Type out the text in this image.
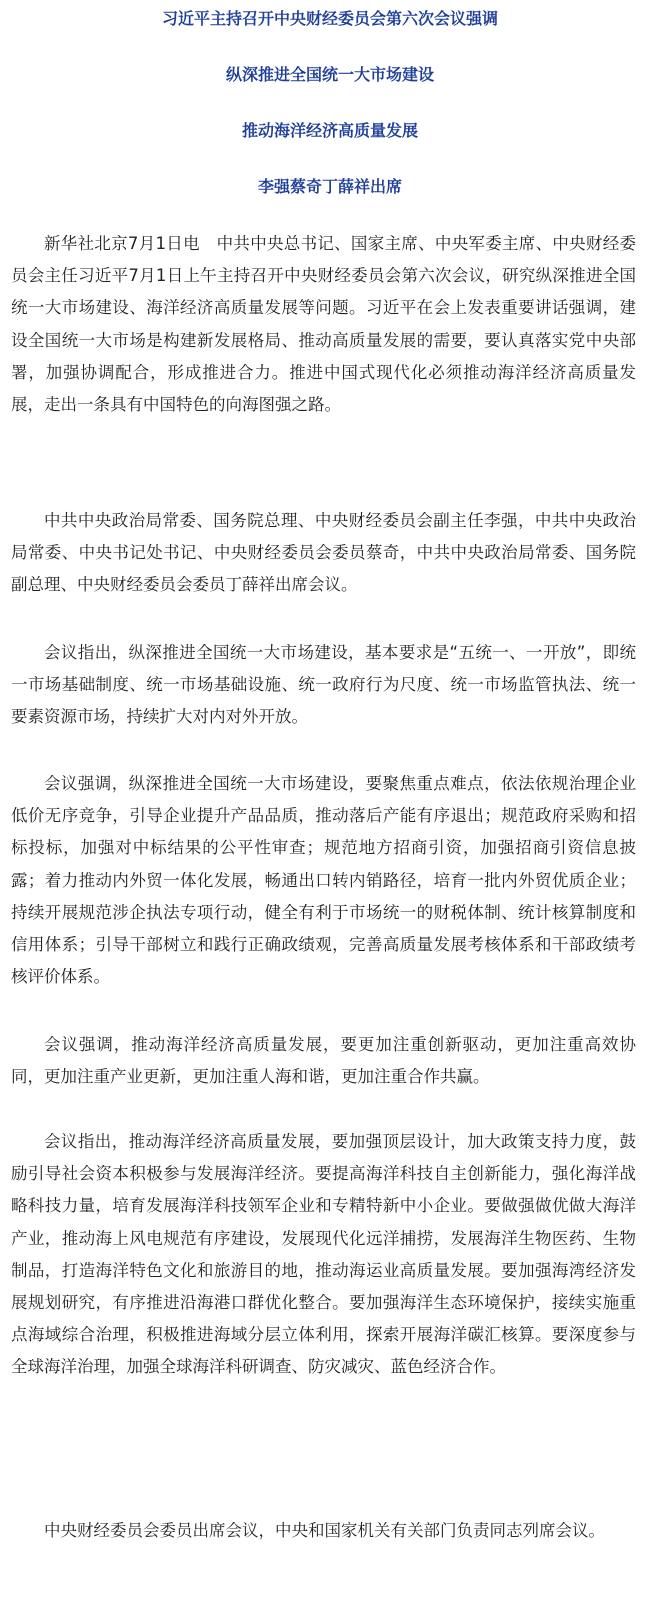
习近平主持召开中央财经委员会第六次会议强调
纵深推进全国统一大市场建设
推动海洋经济高质量发展
李强蔡奇丁薛祥出席

新华社北京7月1日电　中共中央总书记、国家主席、中央军委主席、中央财经委员会主任习近平7月1日上午主持召开中央财经委员会第六次会议，研究纵深推进全国统一大市场建设、海洋经济高质量发展等问题。习近平在会上发表重要讲话强调，建设全国统一大市场是构建新发展格局、推动高质量发展的需要，要认真落实党中央部署，加强协调配合，形成推进合力。推进中国式现代化必须推动海洋经济高质量发展，走出一条具有中国特色的向海图强之路。

中共中央政治局常委、国务院总理、中央财经委员会副主任李强，中共中央政治局常委、中央书记处书记、中央财经委员会委员蔡奇，中共中央政治局常委、国务院副总理、中央财经委员会委员丁薛祥出席会议。

会议指出，纵深推进全国统一大市场建设，基本要求是“五统一、一开放”，即统一市场基础制度、统一市场基础设施、统一政府行为尺度、统一市场监管执法、统一要素资源市场，持续扩大对内对外开放。

会议强调，纵深推进全国统一大市场建设，要聚焦重点难点，依法依规治理企业低价无序竞争，引导企业提升产品品质，推动落后产能有序退出；规范政府采购和招标投标，加强对中标结果的公平性审查；规范地方招商引资，加强招商引资信息披露；着力推动内外贸一体化发展，畅通出口转内销路径，培育一批内外贸优质企业；持续开展规范涉企执法专项行动，健全有利于市场统一的财税体制、统计核算制度和信用体系；引导干部树立和践行正确政绩观，完善高质量发展考核体系和干部政绩考核评价体系。

会议强调，推动海洋经济高质量发展，要更加注重创新驱动，更加注重高效协同，更加注重产业更新，更加注重人海和谐，更加注重合作共赢。

会议指出，推动海洋经济高质量发展，要加强顶层设计，加大政策支持力度，鼓励引导社会资本积极参与发展海洋经济。要提高海洋科技自主创新能力，强化海洋战略科技力量，培育发展海洋科技领军企业和专精特新中小企业。要做强做优做大海洋产业，推动海上风电规范有序建设，发展现代化远洋捕捞，发展海洋生物医药、生物制品，打造海洋特色文化和旅游目的地，推动海运业高质量发展。要加强海湾经济发展规划研究，有序推进沿海港口群优化整合。要加强海洋生态环境保护，接续实施重点海域综合治理，积极推进海域分层立体利用，探索开展海洋碳汇核算。要深度参与全球海洋治理，加强全球海洋科研调查、防灾减灾、蓝色经济合作。

中央财经委员会委员出席会议，中央和国家机关有关部门负责同志列席会议。
